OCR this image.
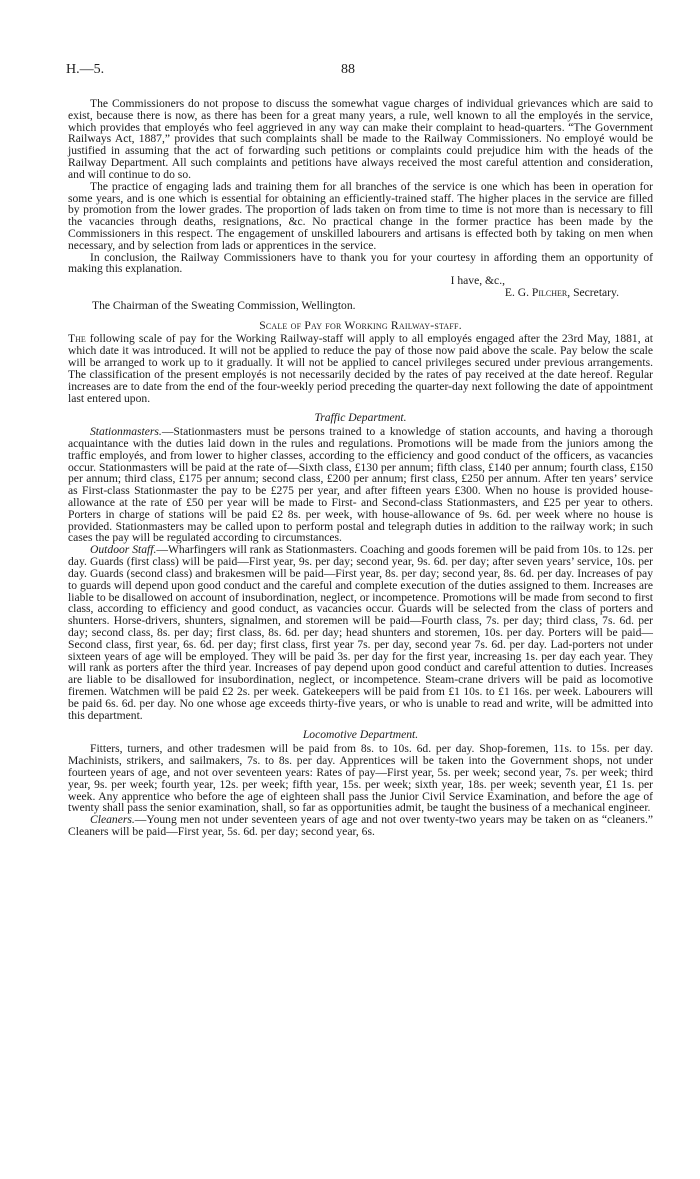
H.—5.	88

The Commissioners do not propose to discuss the somewhat vague charges of individual grievances which are said to exist, because there is now, as there has been for a great many years, a rule, well known to all the employés in the service, which provides that employés who feel aggrieved in any way can make their complaint to head-quarters. “The Government Railways Act, 1887,” provides that such complaints shall be made to the Railway Commissioners. No employé would be justified in assuming that the act of forwarding such petitions or complaints could prejudice him with the heads of the Railway Department. All such complaints and petitions have always received the most careful attention and consideration, and will continue to do so.

The practice of engaging lads and training them for all branches of the service is one which has been in operation for some years, and is one which is essential for obtaining an efficiently-trained staff. The higher places in the service are filled by promotion from the lower grades. The proportion of lads taken on from time to time is not more than is necessary to fill the vacancies through deaths, resignations, &c. No practical change in the former practice has been made by the Commissioners in this respect. The engagement of unskilled labourers and artisans is effected both by taking on men when necessary, and by selection from lads or apprentices in the service.

In conclusion, the Railway Commissioners have to thank you for your courtesy in affording them an opportunity of making this explanation.

I have, &c.,

E. G. Pilcher, Secretary.

The Chairman of the Sweating Commission, Wellington.

Scale of Pay for Working Railway-staff.

The following scale of pay for the Working Railway-staff will apply to all employés engaged after the 23rd May, 1881, at which date it was introduced. It will not be applied to reduce the pay of those now paid above the scale. Pay below the scale will be arranged to work up to it gradually. It will not be applied to cancel privileges secured under previous arrangements. The classification of the present employés is not necessarily decided by the rates of pay received at the date hereof. Regular increases are to date from the end of the four-weekly period preceding the quarter-day next following the date of appointment last entered upon.

Traffic Department.

Stationmasters.—Stationmasters must be persons trained to a knowledge of station accounts, and having a thorough acquaintance with the duties laid down in the rules and regulations. Promotions will be made from the juniors among the traffic employés, and from lower to higher classes, according to the efficiency and good conduct of the officers, as vacancies occur. Stationmasters will be paid at the rate of—Sixth class, £130 per annum; fifth class, £140 per annum; fourth class, £150 per annum; third class, £175 per annum; second class, £200 per annum; first class, £250 per annum. After ten years’ service as First-class Stationmaster the pay to be £275 per year, and after fifteen years £300. When no house is provided house-allowance at the rate of £50 per year will be made to First- and Second-class Stationmasters, and £25 per year to others. Porters in charge of stations will be paid £2 8s. per week, with house-allowance of 9s. 6d. per week where no house is provided. Stationmasters may be called upon to perform postal and telegraph duties in addition to the railway work; in such cases the pay will be regulated according to circumstances.

Outdoor Staff.—Wharfingers will rank as Stationmasters. Coaching and goods foremen will be paid from 10s. to 12s. per day. Guards (first class) will be paid—First year, 9s. per day; second year, 9s. 6d. per day; after seven years’ service, 10s. per day. Guards (second class) and brakesmen will be paid—First year, 8s. per day; second year, 8s. 6d. per day. Increases of pay to guards will depend upon good conduct and the careful and complete execution of the duties assigned to them. Increases are liable to be disallowed on account of insubordination, neglect, or incompetence. Promotions will be made from second to first class, according to efficiency and good conduct, as vacancies occur. Guards will be selected from the class of porters and shunters. Horse-drivers, shunters, signalmen, and storemen will be paid—Fourth class, 7s. per day; third class, 7s. 6d. per day; second class, 8s. per day; first class, 8s. 6d. per day; head shunters and storemen, 10s. per day. Porters will be paid—Second class, first year, 6s. 6d. per day; first class, first year 7s. per day, second year 7s. 6d. per day. Lad-porters not under sixteen years of age will be employed. They will be paid 3s. per day for the first year, increasing 1s. per day each year. They will rank as porters after the third year. Increases of pay depend upon good conduct and careful attention to duties. Increases are liable to be disallowed for insubordination, neglect, or incompetence. Steam-crane drivers will be paid as locomotive firemen. Watchmen will be paid £2 2s. per week. Gatekeepers will be paid from £1 10s. to £1 16s. per week. Labourers will be paid 6s. 6d. per day. No one whose age exceeds thirty-five years, or who is unable to read and write, will be admitted into this department.

Locomotive Department.

Fitters, turners, and other tradesmen will be paid from 8s. to 10s. 6d. per day. Shop-foremen, 11s. to 15s. per day. Machinists, strikers, and sailmakers, 7s. to 8s. per day. Apprentices will be taken into the Government shops, not under fourteen years of age, and not over seventeen years: Rates of pay—First year, 5s. per week; second year, 7s. per week; third year, 9s. per week; fourth year, 12s. per week; fifth year, 15s. per week; sixth year, 18s. per week; seventh year, £1 1s. per week. Any apprentice who before the age of eighteen shall pass the Junior Civil Service Examination, and before the age of twenty shall pass the senior examination, shall, so far as opportunities admit, be taught the business of a mechanical engineer.

Cleaners.—Young men not under seventeen years of age and not over twenty-two years may be taken on as “cleaners.” Cleaners will be paid—First year, 5s. 6d. per day; second year, 6s.
